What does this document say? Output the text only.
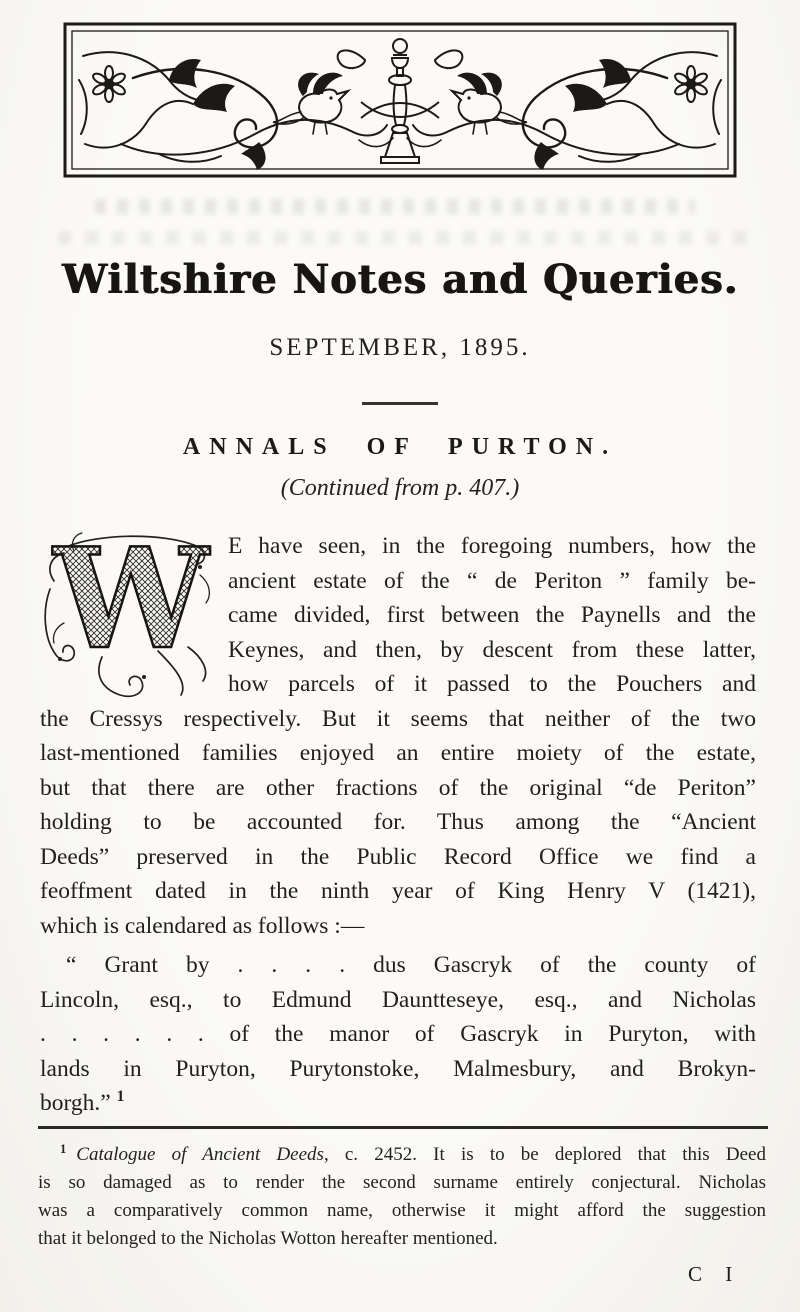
Wiltshire Notes and Queries.
SEPTEMBER, 1895.
ANNALS OF PURTON.
(Continued from p. 407.)
W E have seen, in the foregoing numbers, how the
ancient estate of the “ de Periton ” family be-
came divided, first between the Paynells and the
Keynes, and then, by descent from these latter,
how parcels of it passed to the Pouchers and
the Cressys respectively. But it seems that neither of the two
last-mentioned families enjoyed an entire moiety of the estate,
but that there are other fractions of the original “de Periton”
holding to be accounted for. Thus among the “Ancient
Deeds” preserved in the Public Record Office we find a
feoffment dated in the ninth year of King Henry V (1421),
which is calendared as follows :—
“ Grant by . . . . dus Gascryk of the county of
Lincoln, esq., to Edmund Dauntteseye, esq., and Nicholas
. . . . . . of the manor of Gascryk in Puryton, with
lands in Puryton, Purytonstoke, Malmesbury, and Brokyn-
borgh.” $^1$
$^1$ Catalogue of Ancient Deeds, c. 2452. It is to be deplored that this Deed
is so damaged as to render the second surname entirely conjectural. Nicholas
was a comparatively common name, otherwise it might afford the suggestion
that it belonged to the Nicholas Wotton hereafter mentioned.
C I
